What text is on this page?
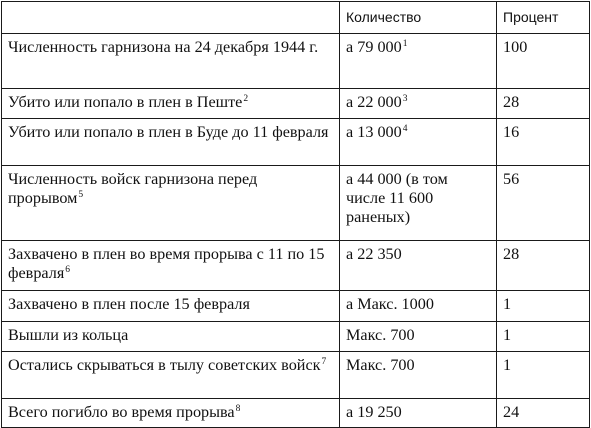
	Количество	Процент
Численность гарнизона на 24 декабря 1944 г.	а 79 000$^1$	100
Убито или попало в плен в Пеште$^2$	а 22 000$^3$	28
Убито или попало в плен в Буде до 11 февраля	а 13 000$^4$	16
Численность войск гарнизона перед прорывом$^5$	а 44 000 (в том числе 11 600 раненых)	56
Захвачено в плен во время прорыва с 11 по 15 февраля$^6$	а 22 350	28
Захвачено в плен после 15 февраля	а Макс. 1000	1
Вышли из кольца	Макс. 700	1
Остались скрываться в тылу советских войск$^7$	Макс. 700	1
Всего погибло во время прорыва$^8$	а 19 250	24
